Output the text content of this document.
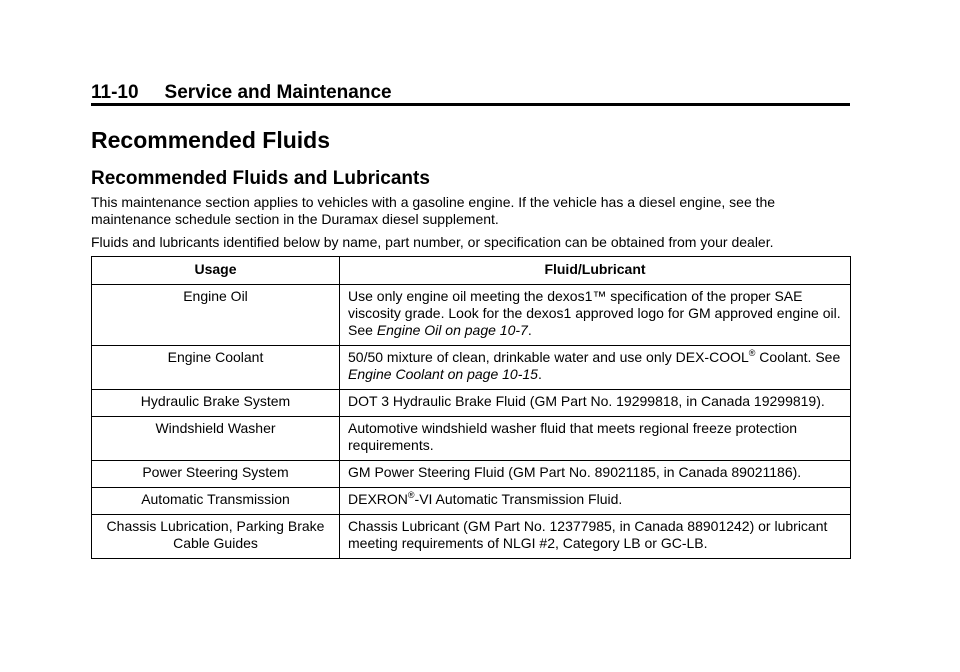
11-10 Service and Maintenance
Recommended Fluids
Recommended Fluids and Lubricants

This maintenance section applies to vehicles with a gasoline engine. If the vehicle has a diesel engine, see the maintenance schedule section in the Duramax diesel supplement.

Fluids and lubricants identified below by name, part number, or specification can be obtained from your dealer.

Usage	Fluid/Lubricant
Engine Oil	Use only engine oil meeting the dexos1™ specification of the proper SAE viscosity grade. Look for the dexos1 approved logo for GM approved engine oil. See Engine Oil on page 10-7.
Engine Coolant	50/50 mixture of clean, drinkable water and use only DEX-COOL® Coolant. See Engine Coolant on page 10-15.
Hydraulic Brake System	DOT 3 Hydraulic Brake Fluid (GM Part No. 19299818, in Canada 19299819).
Windshield Washer	Automotive windshield washer fluid that meets regional freeze protection requirements.
Power Steering System	GM Power Steering Fluid (GM Part No. 89021185, in Canada 89021186).
Automatic Transmission	DEXRON®-VI Automatic Transmission Fluid.
Chassis Lubrication, Parking Brake Cable Guides	Chassis Lubricant (GM Part No. 12377985, in Canada 88901242) or lubricant meeting requirements of NLGI #2, Category LB or GC-LB.
